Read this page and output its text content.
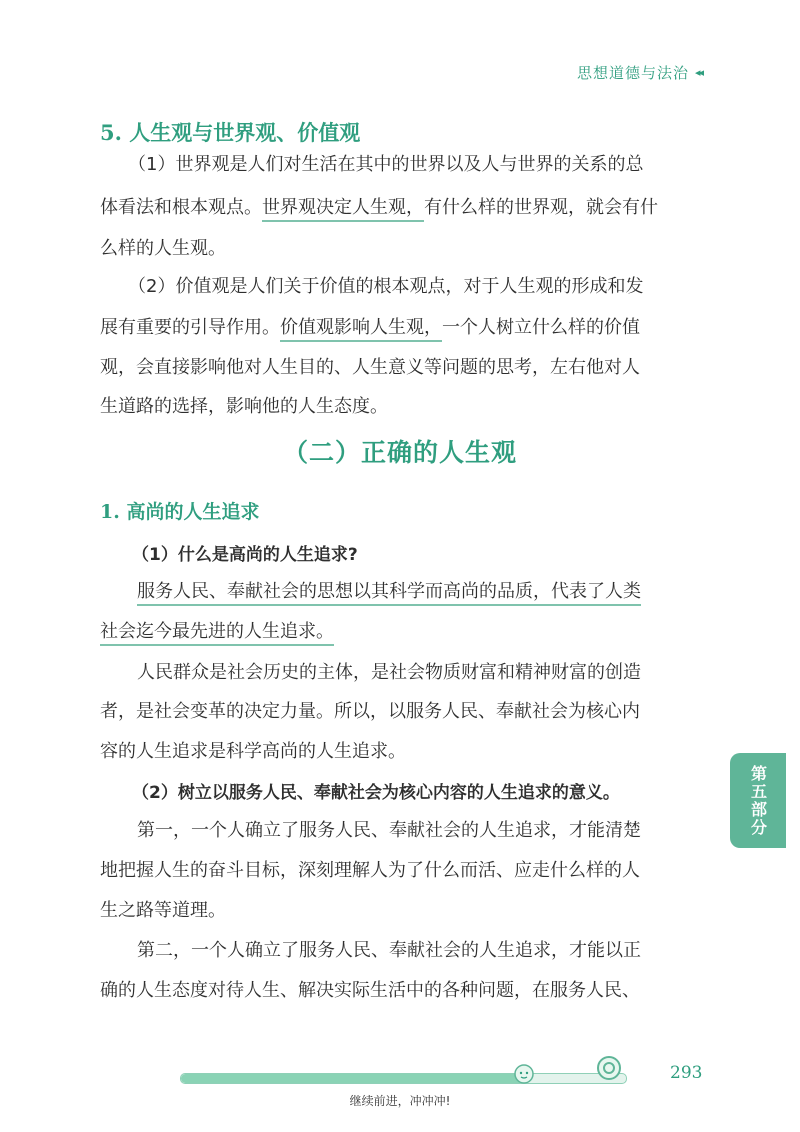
思想道德与法治 ◂◂
5. 人生观与世界观、价值观
（1）世界观是人们对生活在其中的世界以及人与世界的关系的总
体看法和根本观点。世界观决定人生观，有什么样的世界观，就会有什
么样的人生观。
（2）价值观是人们关于价值的根本观点，对于人生观的形成和发
展有重要的引导作用。价值观影响人生观，一个人树立什么样的价值
观，会直接影响他对人生目的、人生意义等问题的思考，左右他对人
生道路的选择，影响他的人生态度。
（二）正确的人生观
1. 高尚的人生追求
（1）什么是高尚的人生追求?
服务人民、奉献社会的思想以其科学而高尚的品质，代表了人类
社会迄今最先进的人生追求。
人民群众是社会历史的主体，是社会物质财富和精神财富的创造
者，是社会变革的决定力量。所以，以服务人民、奉献社会为核心内
容的人生追求是科学高尚的人生追求。
（2）树立以服务人民、奉献社会为核心内容的人生追求的意义。
第一，一个人确立了服务人民、奉献社会的人生追求，才能清楚
地把握人生的奋斗目标，深刻理解人为了什么而活、应走什么样的人
生之路等道理。
第二，一个人确立了服务人民、奉献社会的人生追求，才能以正
确的人生态度对待人生、解决实际生活中的各种问题，在服务人民、
第五部分
293
继续前进，冲冲冲!
